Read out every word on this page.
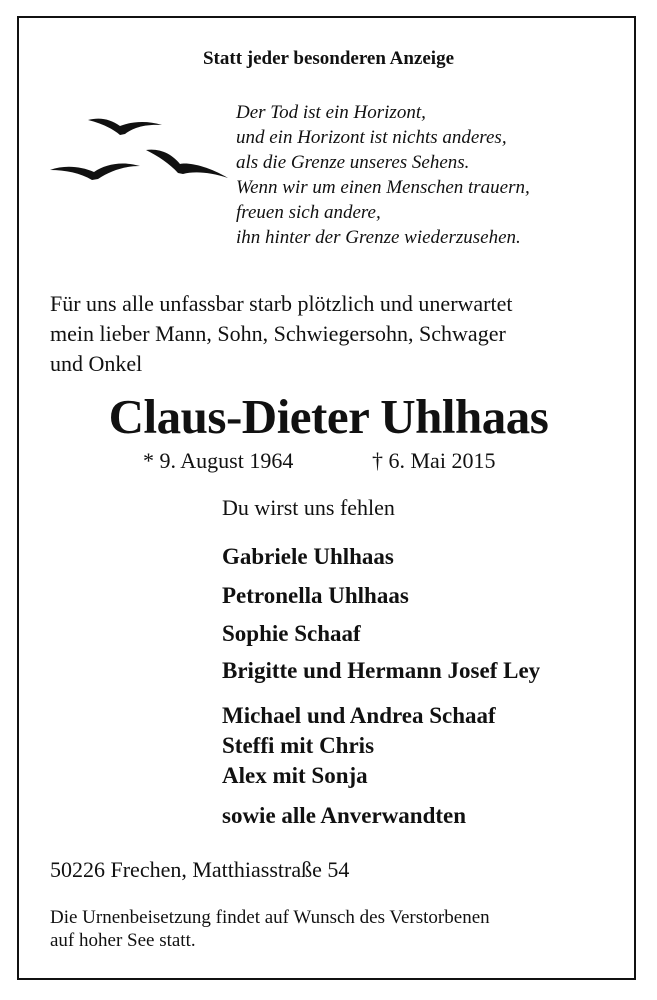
Statt jeder besonderen Anzeige
Der Tod ist ein Horizont,
und ein Horizont ist nichts anderes,
als die Grenze unseres Sehens.
Wenn wir um einen Menschen trauern,
freuen sich andere,
ihn hinter der Grenze wiederzusehen.
Für uns alle unfassbar starb plötzlich und unerwartet
mein lieber Mann, Sohn, Schwiegersohn, Schwager
und Onkel
Claus-Dieter Uhlhaas
* 9. August 1964	† 6. Mai 2015
Du wirst uns fehlen
Gabriele Uhlhaas
Petronella Uhlhaas
Sophie Schaaf
Brigitte und Hermann Josef Ley
Michael und Andrea Schaaf
Steffi mit Chris
Alex mit Sonja
sowie alle Anverwandten
50226 Frechen, Matthiasstraße 54
Die Urnenbeisetzung findet auf Wunsch des Verstorbenen
auf hoher See statt.
